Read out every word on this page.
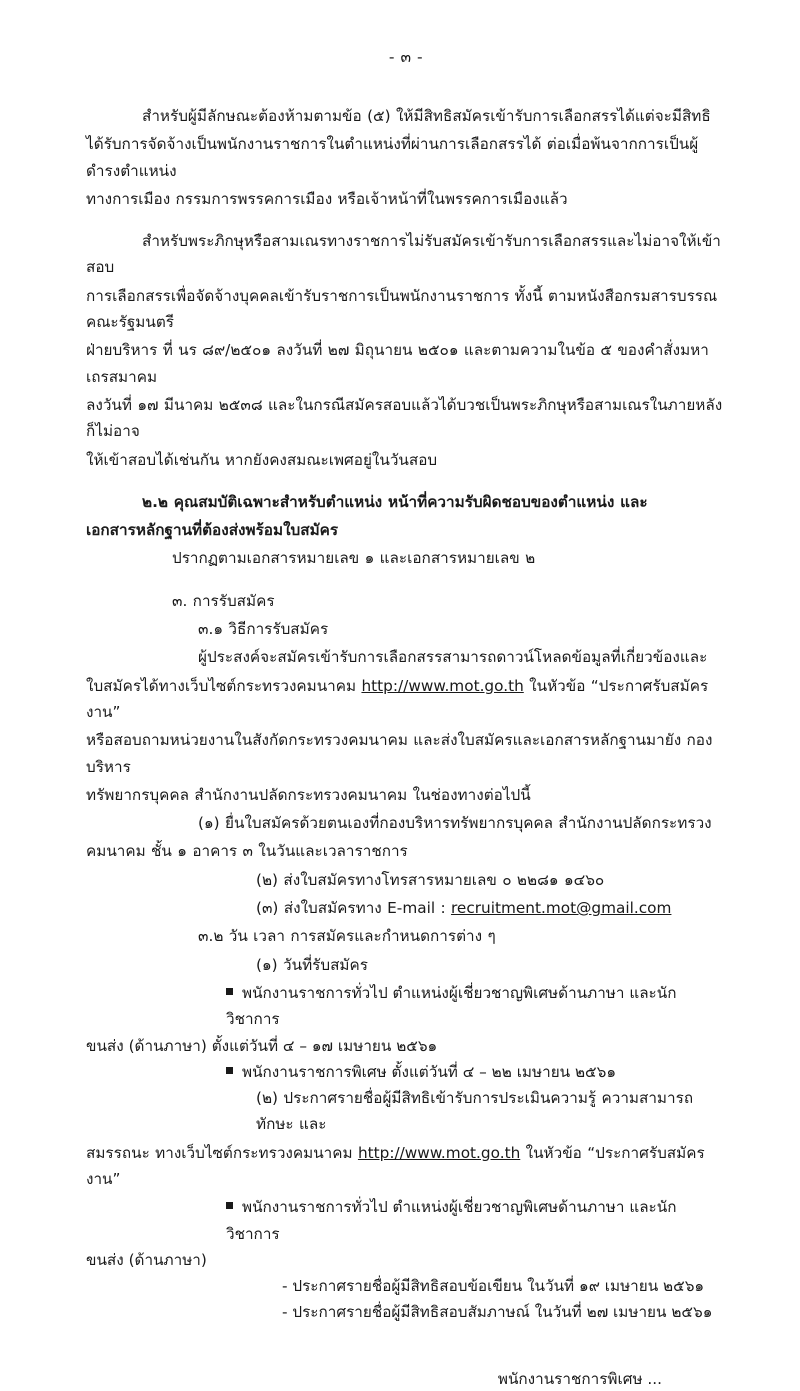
- ๓ -

สำหรับผู้มีลักษณะต้องห้ามตามข้อ (๕) ให้มีสิทธิสมัครเข้ารับการเลือกสรรได้แต่จะมีสิทธิ

ได้รับการจัดจ้างเป็นพนักงานราชการในตำแหน่งที่ผ่านการเลือกสรรได้ ต่อเมื่อพ้นจากการเป็นผู้ดำรงตำแหน่ง

ทางการเมือง กรรมการพรรคการเมือง หรือเจ้าหน้าที่ในพรรคการเมืองแล้ว

สำหรับพระภิกษุหรือสามเณรทางราชการไม่รับสมัครเข้ารับการเลือกสรรและไม่อาจให้เข้าสอบ

การเลือกสรรเพื่อจัดจ้างบุคคลเข้ารับราชการเป็นพนักงานราชการ ทั้งนี้ ตามหนังสือกรมสารบรรณคณะรัฐมนตรี

ฝ่ายบริหาร ที่ นร ๘๙/๒๕๐๑ ลงวันที่ ๒๗ มิถุนายน ๒๕๐๑ และตามความในข้อ ๕ ของคำสั่งมหาเถรสมาคม

ลงวันที่ ๑๗ มีนาคม ๒๕๓๘ และในกรณีสมัครสอบแล้วได้บวชเป็นพระภิกษุหรือสามเณรในภายหลังก็ไม่อาจ

ให้เข้าสอบได้เช่นกัน หากยังคงสมณะเพศอยู่ในวันสอบ

๒.๒ คุณสมบัติเฉพาะสำหรับตำแหน่ง หน้าที่ความรับผิดชอบของตำแหน่ง และ

เอกสารหลักฐานที่ต้องส่งพร้อมใบสมัคร

ปรากฏตามเอกสารหมายเลข ๑ และเอกสารหมายเลข ๒

๓. การรับสมัคร

๓.๑ วิธีการรับสมัคร

ผู้ประสงค์จะสมัครเข้ารับการเลือกสรรสามารถดาวน์โหลดข้อมูลที่เกี่ยวข้องและ

ใบสมัครได้ทางเว็บไซต์กระทรวงคมนาคม http://www.mot.go.th ในหัวข้อ “ประกาศรับสมัครงาน”

หรือสอบถามหน่วยงานในสังกัดกระทรวงคมนาคม และส่งใบสมัครและเอกสารหลักฐานมายัง กองบริหาร

ทรัพยากรบุคคล สำนักงานปลัดกระทรวงคมนาคม ในช่องทางต่อไปนี้

(๑) ยื่นใบสมัครด้วยตนเองที่กองบริหารทรัพยากรบุคคล สำนักงานปลัดกระทรวง

คมนาคม ชั้น ๑ อาคาร ๓ ในวันและเวลาราชการ

(๒) ส่งใบสมัครทางโทรสารหมายเลข ๐ ๒๒๘๑ ๑๔๖๐

(๓) ส่งใบสมัครทาง E-mail : recruitment.mot@gmail.com

๓.๒ วัน เวลา การสมัครและกำหนดการต่าง ๆ

(๑) วันที่รับสมัคร

พนักงานราชการทั่วไป ตำแหน่งผู้เชี่ยวชาญพิเศษด้านภาษา และนักวิชาการ

ขนส่ง (ด้านภาษา) ตั้งแต่วันที่ ๔ – ๑๗ เมษายน ๒๕๖๑

พนักงานราชการพิเศษ ตั้งแต่วันที่ ๔ – ๒๒ เมษายน ๒๕๖๑

(๒) ประกาศรายชื่อผู้มีสิทธิเข้ารับการประเมินความรู้ ความสามารถ ทักษะ และ

สมรรถนะ ทางเว็บไซต์กระทรวงคมนาคม http://www.mot.go.th ในหัวข้อ “ประกาศรับสมัครงาน”

พนักงานราชการทั่วไป ตำแหน่งผู้เชี่ยวชาญพิเศษด้านภาษา และนักวิชาการ

ขนส่ง (ด้านภาษา)

- ประกาศรายชื่อผู้มีสิทธิสอบข้อเขียน ในวันที่ ๑๙ เมษายน ๒๕๖๑

- ประกาศรายชื่อผู้มีสิทธิสอบสัมภาษณ์ ในวันที่ ๒๗ เมษายน ๒๕๖๑

พนักงานราชการพิเศษ ...
